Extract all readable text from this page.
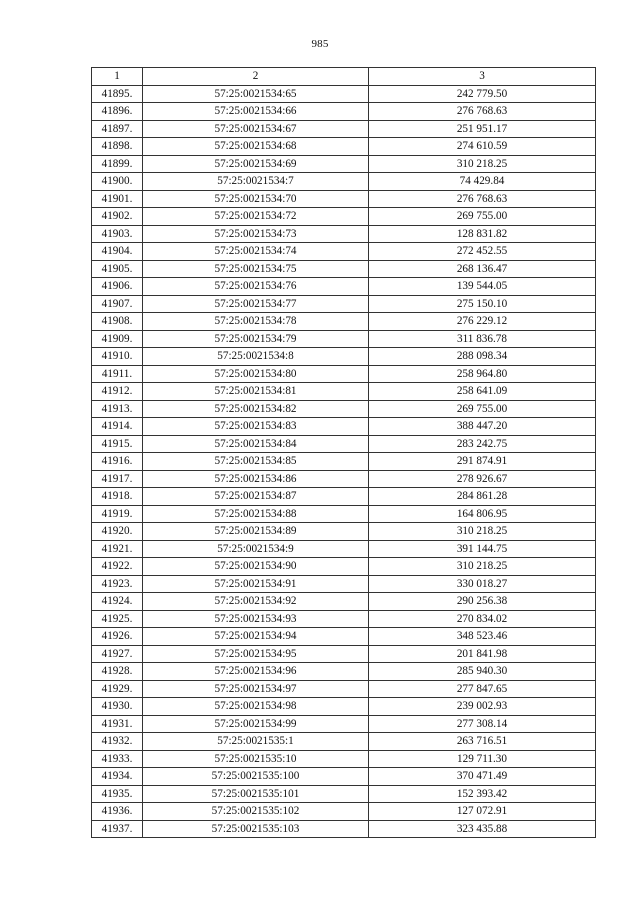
985
1	2	3
41895.	57:25:0021534:65	242 779.50
41896.	57:25:0021534:66	276 768.63
41897.	57:25:0021534:67	251 951.17
41898.	57:25:0021534:68	274 610.59
41899.	57:25:0021534:69	310 218.25
41900.	57:25:0021534:7	74 429.84
41901.	57:25:0021534:70	276 768.63
41902.	57:25:0021534:72	269 755.00
41903.	57:25:0021534:73	128 831.82
41904.	57:25:0021534:74	272 452.55
41905.	57:25:0021534:75	268 136.47
41906.	57:25:0021534:76	139 544.05
41907.	57:25:0021534:77	275 150.10
41908.	57:25:0021534:78	276 229.12
41909.	57:25:0021534:79	311 836.78
41910.	57:25:0021534:8	288 098.34
41911.	57:25:0021534:80	258 964.80
41912.	57:25:0021534:81	258 641.09
41913.	57:25:0021534:82	269 755.00
41914.	57:25:0021534:83	388 447.20
41915.	57:25:0021534:84	283 242.75
41916.	57:25:0021534:85	291 874.91
41917.	57:25:0021534:86	278 926.67
41918.	57:25:0021534:87	284 861.28
41919.	57:25:0021534:88	164 806.95
41920.	57:25:0021534:89	310 218.25
41921.	57:25:0021534:9	391 144.75
41922.	57:25:0021534:90	310 218.25
41923.	57:25:0021534:91	330 018.27
41924.	57:25:0021534:92	290 256.38
41925.	57:25:0021534:93	270 834.02
41926.	57:25:0021534:94	348 523.46
41927.	57:25:0021534:95	201 841.98
41928.	57:25:0021534:96	285 940.30
41929.	57:25:0021534:97	277 847.65
41930.	57:25:0021534:98	239 002.93
41931.	57:25:0021534:99	277 308.14
41932.	57:25:0021535:1	263 716.51
41933.	57:25:0021535:10	129 711.30
41934.	57:25:0021535:100	370 471.49
41935.	57:25:0021535:101	152 393.42
41936.	57:25:0021535:102	127 072.91
41937.	57:25:0021535:103	323 435.88
